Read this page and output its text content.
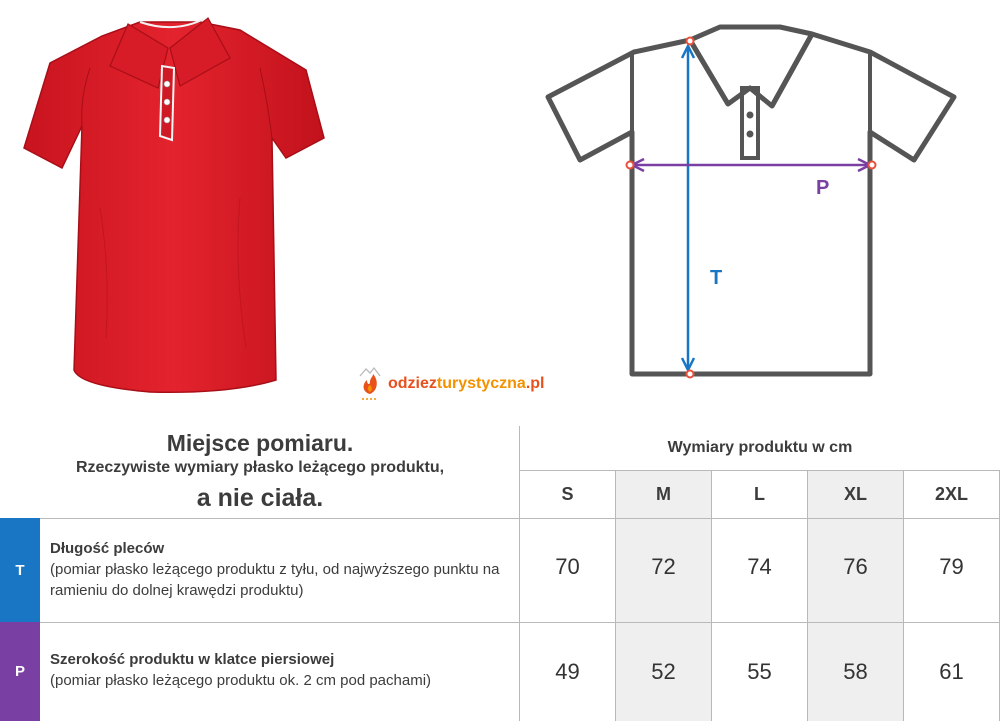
T
P
odziezturystyczna.pl
Miejsce pomiaru.
Rzeczywiste wymiary płasko leżącego produktu,
a nie ciała.
Wymiary produktu w cm
S	M	L	XL	2XL
T
Długość pleców
(pomiar płasko leżącego produktu z tyłu, od najwyższego punktu na ramieniu do dolnej krawędzi produktu)
70	72	74	76	79
P
Szerokość produktu w klatce piersiowej
(pomiar płasko leżącego produktu ok. 2 cm pod pachami)	49	52	55	58	61
